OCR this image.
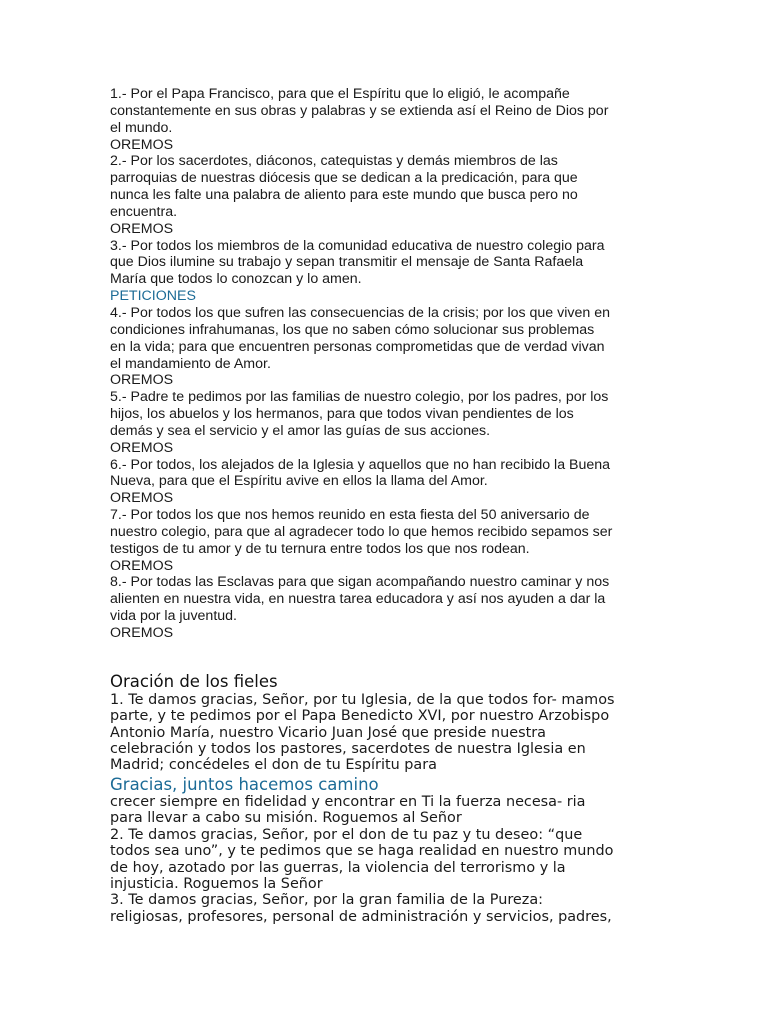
1.- Por el Papa Francisco, para que el Espíritu que lo eligió, le acompañe

constantemente en sus obras y palabras y se extienda así el Reino de Dios por

el mundo.

OREMOS

2.- Por los sacerdotes, diáconos, catequistas y demás miembros de las

parroquias de nuestras diócesis que se dedican a la predicación, para que

nunca les falte una palabra de aliento para este mundo que busca pero no

encuentra.

OREMOS

3.- Por todos los miembros de la comunidad educativa de nuestro colegio para

que Dios ilumine su trabajo y sepan transmitir el mensaje de Santa Rafaela

María que todos lo conozcan y lo amen.

PETICIONES

4.- Por todos los que sufren las consecuencias de la crisis; por los que viven en

condiciones infrahumanas, los que no saben cómo solucionar sus problemas

en la vida; para que encuentren personas comprometidas que de verdad vivan

el mandamiento de Amor.

OREMOS

5.- Padre te pedimos por las familias de nuestro colegio, por los padres, por los

hijos, los abuelos y los hermanos, para que todos vivan pendientes de los

demás y sea el servicio y el amor las guías de sus acciones.

OREMOS

6.- Por todos, los alejados de la Iglesia y aquellos que no han recibido la Buena

Nueva, para que el Espíritu avive en ellos la llama del Amor.

OREMOS

7.- Por todos los que nos hemos reunido en esta fiesta del 50 aniversario de

nuestro colegio, para que al agradecer todo lo que hemos recibido sepamos ser

testigos de tu amor y de tu ternura entre todos los que nos rodean.

OREMOS

8.- Por todas las Esclavas para que sigan acompañando nuestro caminar y nos

alienten en nuestra vida, en nuestra tarea educadora y así nos ayuden a dar la

vida por la juventud.

OREMOS

Oración de los fieles

1. Te damos gracias, Señor, por tu Iglesia, de la que todos for- mamos

parte, y te pedimos por el Papa Benedicto XVI, por nuestro Arzobispo

Antonio María, nuestro Vicario Juan José que preside nuestra

celebración y todos los pastores, sacerdotes de nuestra Iglesia en

Madrid; concédeles el don de tu Espíritu para

Gracias, juntos hacemos camino

crecer siempre en fidelidad y encontrar en Ti la fuerza necesa- ria

para llevar a cabo su misión. Roguemos al Señor

2. Te damos gracias, Señor, por el don de tu paz y tu deseo: “que

todos sea uno”, y te pedimos que se haga realidad en nuestro mundo

de hoy, azotado por las guerras, la violencia del terrorismo y la

injusticia. Roguemos la Señor

3. Te damos gracias, Señor, por la gran familia de la Pureza:

religiosas, profesores, personal de administración y servicios, padres,
